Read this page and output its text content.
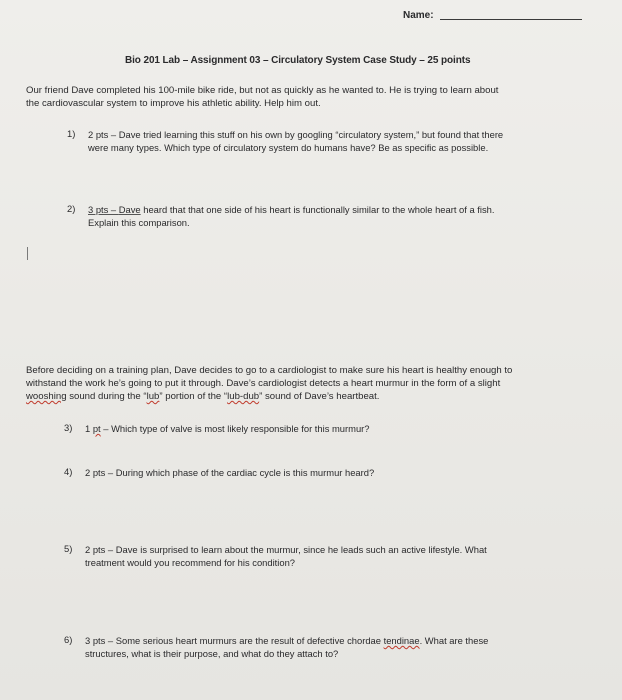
Name:
Bio 201 Lab – Assignment 03 – Circulatory System Case Study – 25 points
Our friend Dave completed his 100-mile bike ride, but not as quickly as he wanted to. He is trying to learn about
the cardiovascular system to improve his athletic ability. Help him out.
1) 2 pts – Dave tried learning this stuff on his own by googling “circulatory system,” but found that there
were many types. Which type of circulatory system do humans have? Be as specific as possible.
2) 3 pts – Dave heard that that one side of his heart is functionally similar to the whole heart of a fish.
Explain this comparison.
Before deciding on a training plan, Dave decides to go to a cardiologist to make sure his heart is healthy enough to
withstand the work he’s going to put it through. Dave’s cardiologist detects a heart murmur in the form of a slight
wooshing sound during the “lub” portion of the “lub-dub” sound of Dave’s heartbeat.
3) 1 pt – Which type of valve is most likely responsible for this murmur?
4) 2 pts – During which phase of the cardiac cycle is this murmur heard?
5) 2 pts – Dave is surprised to learn about the murmur, since he leads such an active lifestyle. What
treatment would you recommend for his condition?
6) 3 pts – Some serious heart murmurs are the result of defective chordae tendinae. What are these
structures, what is their purpose, and what do they attach to?
